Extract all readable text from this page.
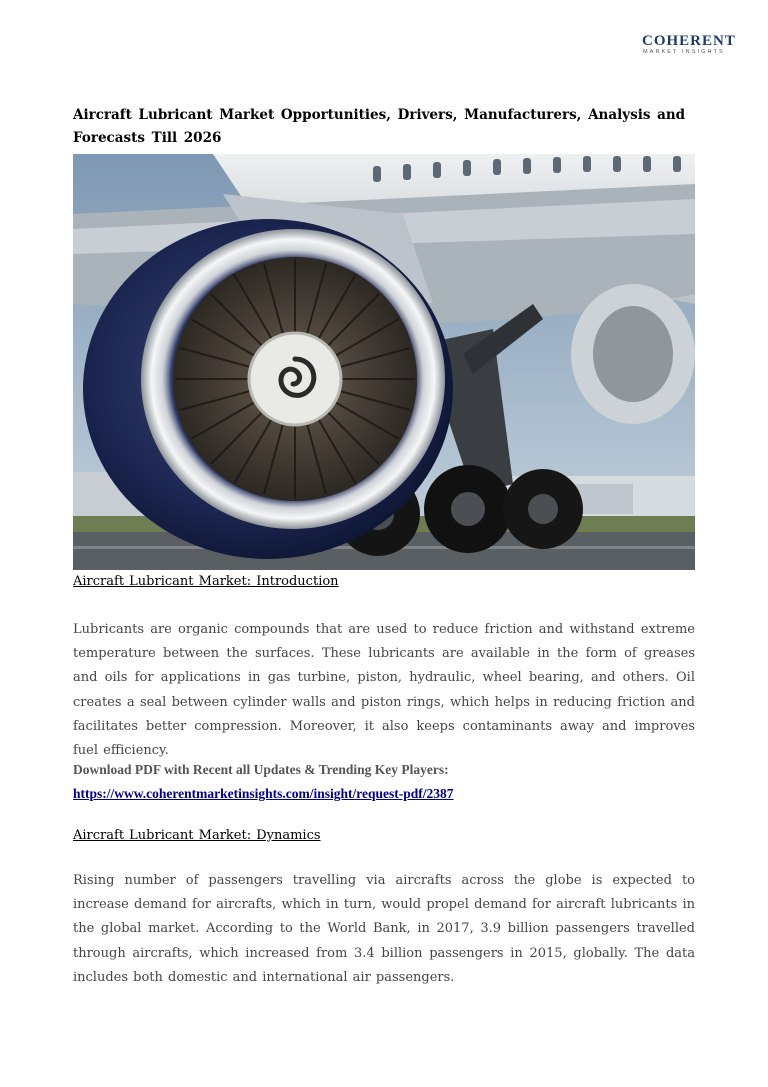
COHERENT
MARKET INSIGHTS
Aircraft Lubricant Market Opportunities, Drivers, Manufacturers, Analysis and Forecasts Till 2026
Aircraft Lubricant Market: Introduction
Lubricants are organic compounds that are used to reduce friction and withstand extreme temperature between the surfaces. These lubricants are available in the form of greases and oils for applications in gas turbine, piston, hydraulic, wheel bearing, and others. Oil creates a seal between cylinder walls and piston rings, which helps in reducing friction and facilitates better compression. Moreover, it also keeps contaminants away and improves fuel efficiency.
Download PDF with Recent all Updates & Trending Key Players: https://www.coherentmarketinsights.com/insight/request-pdf/2387
Aircraft Lubricant Market: Dynamics
Rising number of passengers travelling via aircrafts across the globe is expected to increase demand for aircrafts, which in turn, would propel demand for aircraft lubricants in the global market. According to the World Bank, in 2017, 3.9 billion passengers travelled through aircrafts, which increased from 3.4 billion passengers in 2015, globally. The data includes both domestic and international air passengers.
